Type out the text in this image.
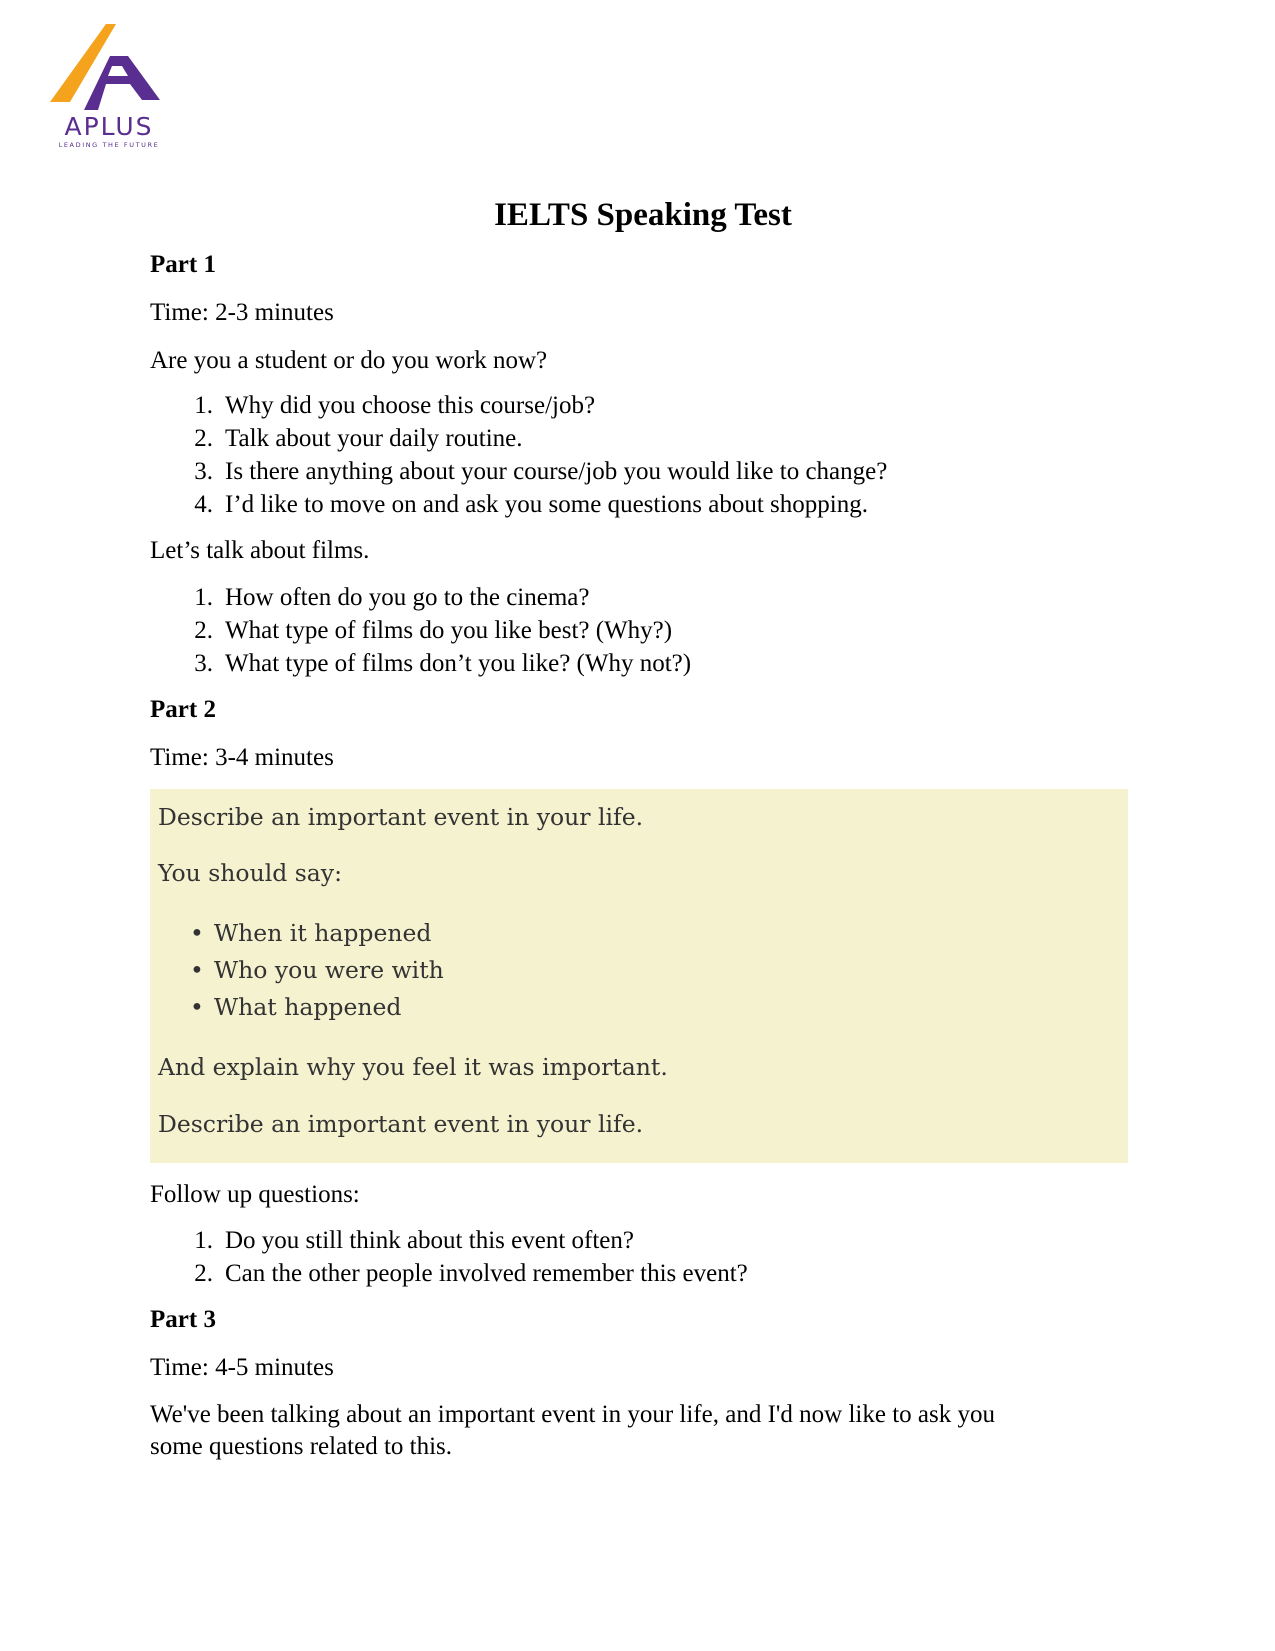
APLUS
LEADING THE FUTURE
IELTS Speaking Test
Part 1
Time: 2-3 minutes
Are you a student or do you work now?
1. Why did you choose this course/job?
2. Talk about your daily routine.
3. Is there anything about your course/job you would like to change?
4. I’d like to move on and ask you some questions about shopping.
Let’s talk about films.
1. How often do you go to the cinema?
2. What type of films do you like best? (Why?)
3. What type of films don’t you like? (Why not?)
Part 2
Time: 3-4 minutes
Describe an important event in your life.
You should say:
• When it happened
• Who you were with
• What happened
And explain why you feel it was important.
Describe an important event in your life.
Follow up questions:
1. Do you still think about this event often?
2. Can the other people involved remember this event?
Part 3
Time: 4-5 minutes
We've been talking about an important event in your life, and I'd now like to ask you
some questions related to this.
